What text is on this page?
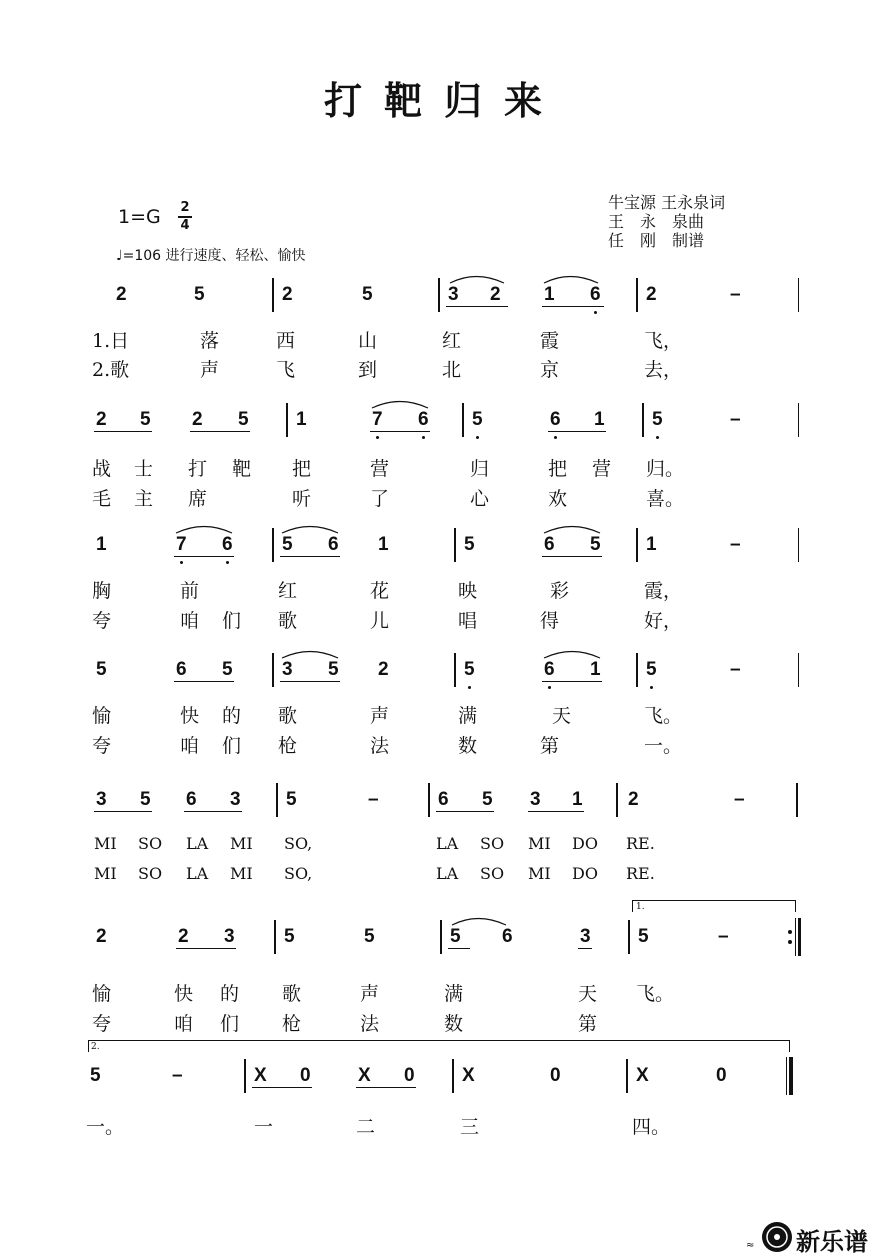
打靶归来
牛宝源 王永泉词
王　永　泉曲
任　刚　制谱
1=G 2
4
♩=106 进行速度、轻松、愉快
2	5	2	5	3 2 1 6 2	–
1.日	落	西	山	红	霞	飞，
2.歌	声	飞	到	北	京	去，
2 5 2 5 1	7 6 5	6 1 5	–
战 士 打 靶 把	营	归	把 营 归。
毛 主 席	听	了	心	欢	喜。
1	7 6	5 6 1	5	6 5 1	–
胸	前	红	花	映	彩	霞，
夸	咱 们 歌	儿	唱	得	好，
5	6 5	3 5 2	5	6 1 5	–
愉	快 的 歌	声	满	天	飞。
夸	咱 们 枪	法	数	第	一。
3 5 6 3 5	–	6 5 3 1 2	–
MI SO LA MI SO,	LA SO MI DO RE.
MI SO LA MI SO,	LA SO MI DO RE.
1.
2	2 3	5	5	5 6	3 5	–
愉	快 的 歌	声	满	天 飞。
夸	咱 们 枪	法	数	第
2.
5	–	X 0 X 0 X	0	X	0
一。	一	二	三	四。
≈ 新乐谱
